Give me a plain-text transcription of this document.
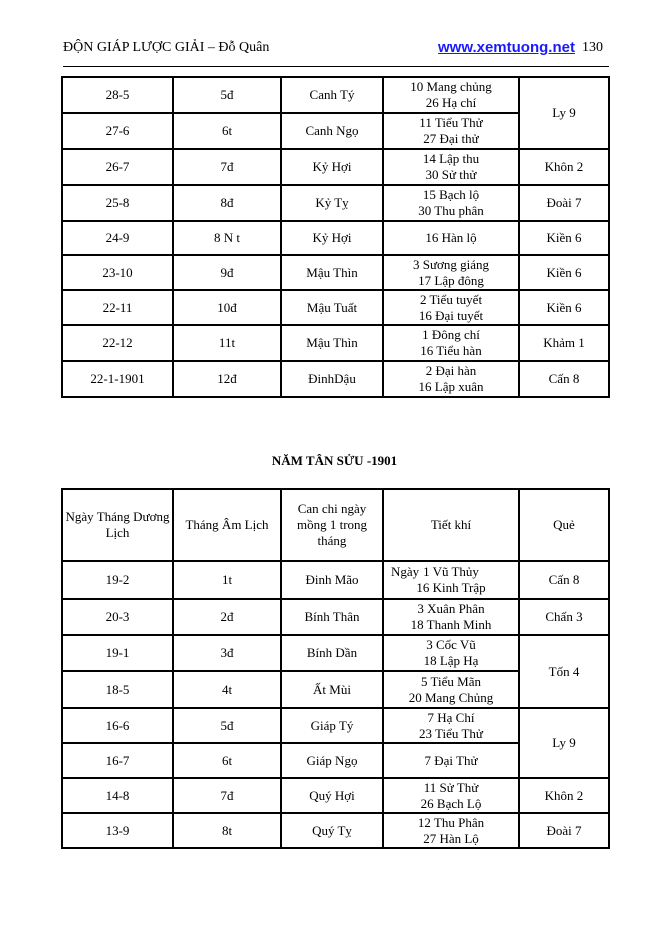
ĐỘN GIÁP LƯỢC GIẢI – Đỗ Quân	www.xemtuong.net 130
28-5	5đ	Canh Tý	10 Mang chủng
26 Hạ chí	Ly 9
27-6	6t	Canh Ngọ	11 Tiểu Thử
27 Đại thử	

26-7	7đ	Kỷ Hợi	14 Lập thu
30 Sử thử	Khôn 2
25-8	8đ	Kỷ Tỵ	15 Bạch lộ
30 Thu phân	Đoài 7
24-9	8 N t	Kỷ Hợi	16 Hàn lộ	Kiền 6
23-10	9đ	Mậu Thìn	3 Sương giáng
17 Lập đông	Kiền 6
22-11	10đ	Mậu Tuất	2 Tiểu tuyết
16 Đại tuyết	Kiền 6
22-12	11t	Mậu Thìn	1 Đông chí
16 Tiểu hàn	Khảm 1
22-1-1901	12đ	ĐinhDậu	2 Đại hàn
16 Lập xuân	Cấn 8
NĂM TÂN SỬU -1901
Ngày Tháng Dương Lịch	Tháng Âm Lịch	Can chi ngày mồng 1 trong tháng	Tiết khí	Quẻ
19-2	1t	Đinh Mão	Ngày 1 Vũ Thủy
16 Kinh Trập	Cấn 8
20-3	2đ	Bính Thân	3 Xuân Phân
18 Thanh Minh	Chấn 3
19-1	3đ	Bính Dần	3 Cốc Vũ
18 Lập Hạ	Tốn 4
18-5	4t	Ất Mùi	5 Tiểu Mãn
20 Mang Chủng	

16-6	5đ	Giáp Tý	7 Hạ Chí
23 Tiểu Thử	Ly 9
16-7	6t	Giáp Ngọ	7 Đại Thử	

14-8	7đ	Quý Hợi	11 Sử Thử
26 Bạch Lộ	Khôn 2
13-9	8t	Quý Tỵ	12 Thu Phân
27 Hàn Lộ	Đoài 7
